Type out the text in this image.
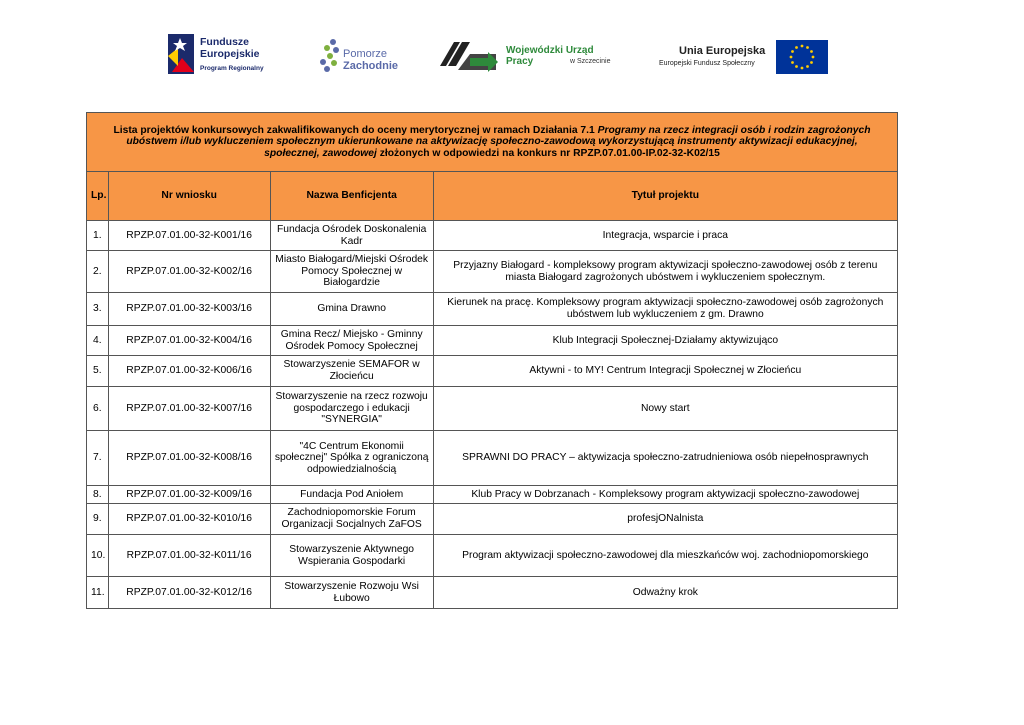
Fundusze
Europejskie
Program Regionalny
Pomorze
Zachodnie
Wojewódzki Urząd Pracy	w Szczecinie
Unia Europejska
Europejski Fundusz Społeczny
Lista projektów konkursowych zakwalifikowanych do oceny merytorycznej w ramach Działania 7.1 Programy na rzecz integracji osób i rodzin zagrożonych ubóstwem i/lub wykluczeniem społecznym ukierunkowane na aktywizację społeczno-zawodową wykorzystującą instrumenty aktywizacji edukacyjnej, społecznej, zawodowej złożonych w odpowiedzi na konkurs nr RPZP.07.01.00-IP.02-32-K02/15			
Lp.	Nr wniosku	Nazwa Benficjenta	Tytuł projektu
1.	RPZP.07.01.00-32-K001/16	Fundacja Ośrodek Doskonalenia Kadr	Integracja, wsparcie i praca
2.	RPZP.07.01.00-32-K002/16	Miasto Białogard/Miejski Ośrodek Pomocy Społecznej w Białogardzie	Przyjazny Białogard - kompleksowy program aktywizacji społeczno-zawodowej osób z terenu miasta Białogard zagrożonych ubóstwem i wykluczeniem społecznym.
3.	RPZP.07.01.00-32-K003/16	Gmina Drawno	Kierunek na pracę. Kompleksowy program aktywizacji społeczno-zawodowej osób zagrożonych ubóstwem lub wykluczeniem z gm. Drawno
4.	RPZP.07.01.00-32-K004/16	Gmina Recz/ Miejsko - Gminny Ośrodek Pomocy Społecznej	Klub Integracji Społecznej-Działamy aktywizująco
5.	RPZP.07.01.00-32-K006/16	Stowarzyszenie SEMAFOR w Złocieńcu	Aktywni - to MY! Centrum Integracji Społecznej w Złocieńcu
6.	RPZP.07.01.00-32-K007/16	Stowarzyszenie na rzecz rozwoju gospodarczego i edukacji "SYNERGIA"	Nowy start
7.	RPZP.07.01.00-32-K008/16	"4C Centrum Ekonomii społecznej" Spółka z ograniczoną odpowiedzialnością	SPRAWNI DO PRACY – aktywizacja społeczno-zatrudnieniowa osób niepełnosprawnych
8.	RPZP.07.01.00-32-K009/16	Fundacja Pod Aniołem	Klub Pracy w Dobrzanach - Kompleksowy program aktywizacji społeczno-zawodowej
9.	RPZP.07.01.00-32-K010/16	Zachodniopomorskie Forum Organizacji Socjalnych ZaFOS	profesjONalnista
10.	RPZP.07.01.00-32-K011/16	Stowarzyszenie Aktywnego Wspierania Gospodarki	Program aktywizacji społeczno-zawodowej dla mieszkańców woj. zachodniopomorskiego
11.	RPZP.07.01.00-32-K012/16	Stowarzyszenie Rozwoju Wsi Łubowo	Odważny krok
